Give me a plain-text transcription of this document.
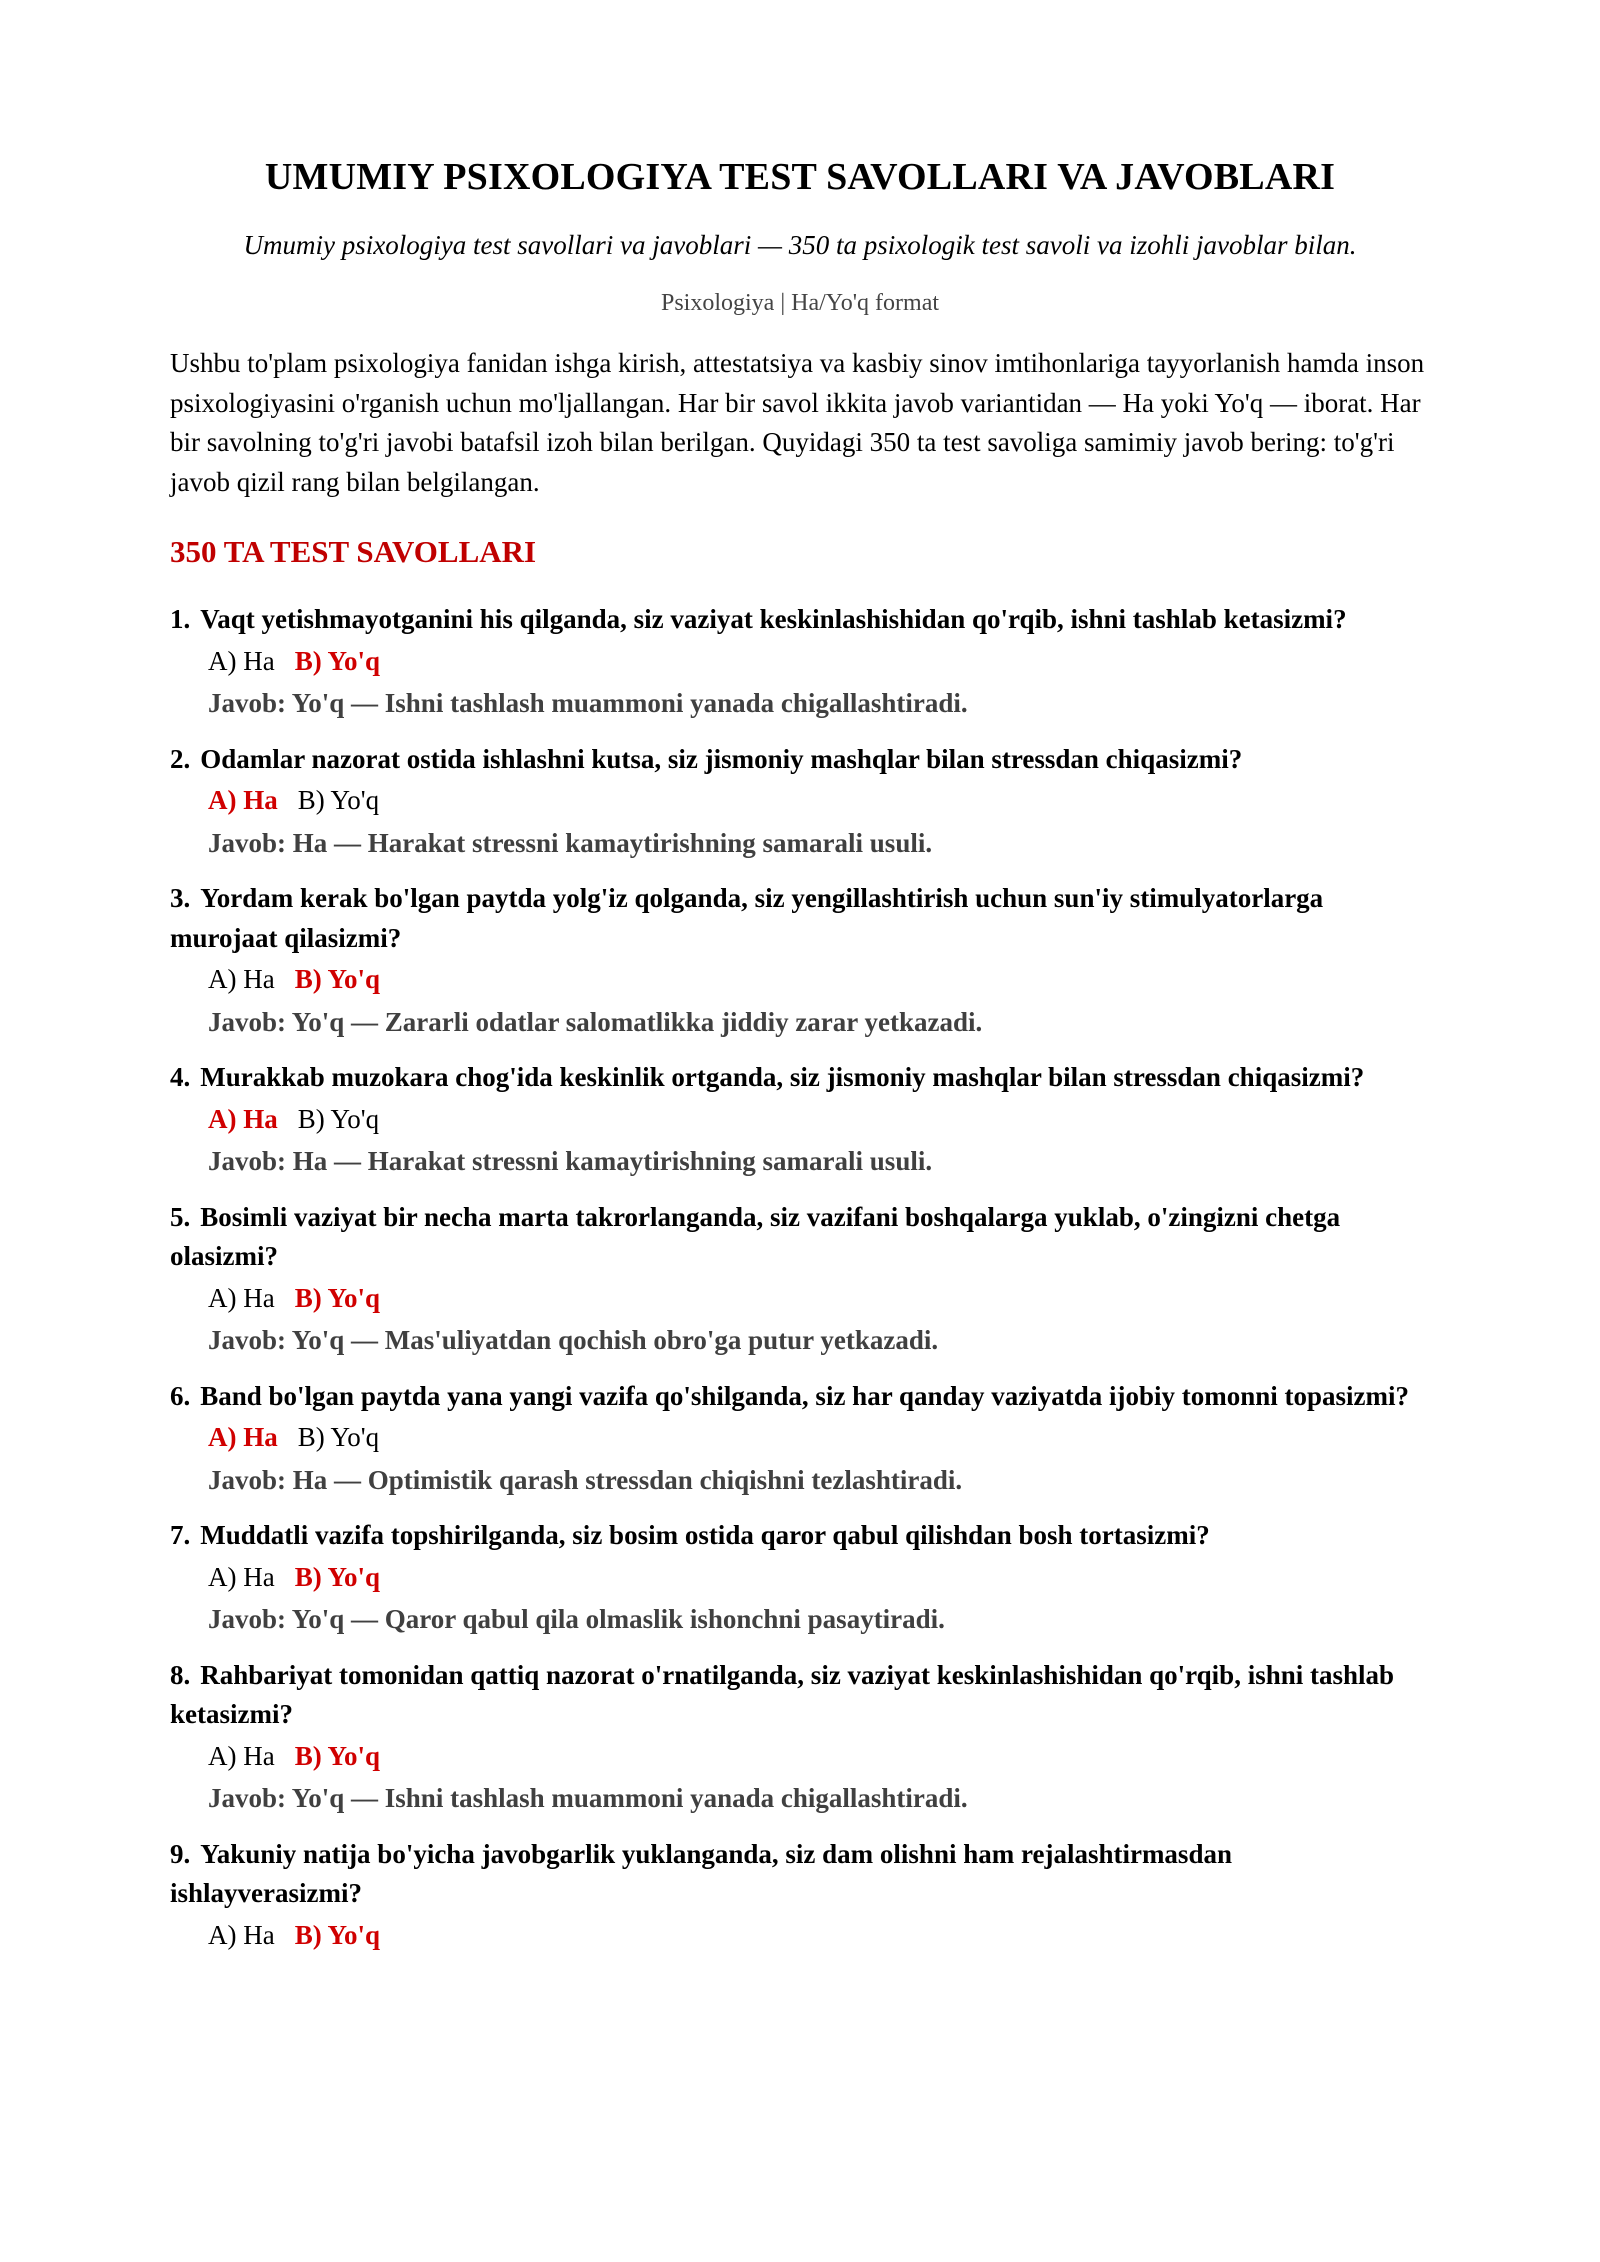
UMUMIY PSIXOLOGIYA TEST SAVOLLARI VA JAVOBLARI

Umumiy psixologiya test savollari va javoblari — 350 ta psixologik test savoli va izohli javoblar bilan.

Psixologiya | Ha/Yo'q format

Ushbu to'plam psixologiya fanidan ishga kirish, attestatsiya va kasbiy sinov imtihonlariga tayyorlanish hamda inson psixologiyasini o'rganish uchun mo'ljallangan. Har bir savol ikkita javob variantidan — Ha yoki Yo'q — iborat. Har bir savolning to'g'ri javobi batafsil izoh bilan berilgan. Quyidagi 350 ta test savoliga samimiy javob bering: to'g'ri javob qizil rang bilan belgilangan.

350 TA TEST SAVOLLARI
1. Vaqt yetishmayotganini his qilganda, siz vaziyat keskinlashishidan qo'rqib, ishni tashlab ketasizmi?
A) Ha B) Yo'q
Javob: Yo'q — Ishni tashlash muammoni yanada chigallashtiradi.
2. Odamlar nazorat ostida ishlashni kutsa, siz jismoniy mashqlar bilan stressdan chiqasizmi?
A) Ha B) Yo'q
Javob: Ha — Harakat stressni kamaytirishning samarali usuli.
3. Yordam kerak bo'lgan paytda yolg'iz qolganda, siz yengillashtirish uchun sun'iy stimulyatorlarga murojaat qilasizmi?
A) Ha B) Yo'q
Javob: Yo'q — Zararli odatlar salomatlikka jiddiy zarar yetkazadi.
4. Murakkab muzokara chog'ida keskinlik ortganda, siz jismoniy mashqlar bilan stressdan chiqasizmi?
A) Ha B) Yo'q
Javob: Ha — Harakat stressni kamaytirishning samarali usuli.
5. Bosimli vaziyat bir necha marta takrorlanganda, siz vazifani boshqalarga yuklab, o'zingizni chetga olasizmi?
A) Ha B) Yo'q
Javob: Yo'q — Mas'uliyatdan qochish obro'ga putur yetkazadi.
6. Band bo'lgan paytda yana yangi vazifa qo'shilganda, siz har qanday vaziyatda ijobiy tomonni topasizmi?
A) Ha B) Yo'q
Javob: Ha — Optimistik qarash stressdan chiqishni tezlashtiradi.
7. Muddatli vazifa topshirilganda, siz bosim ostida qaror qabul qilishdan bosh tortasizmi?
A) Ha B) Yo'q
Javob: Yo'q — Qaror qabul qila olmaslik ishonchni pasaytiradi.
8. Rahbariyat tomonidan qattiq nazorat o'rnatilganda, siz vaziyat keskinlashishidan qo'rqib, ishni tashlab ketasizmi?
A) Ha B) Yo'q
Javob: Yo'q — Ishni tashlash muammoni yanada chigallashtiradi.
9. Yakuniy natija bo'yicha javobgarlik yuklanganda, siz dam olishni ham rejalashtirmasdan ishlayverasizmi?
A) Ha B) Yo'q
